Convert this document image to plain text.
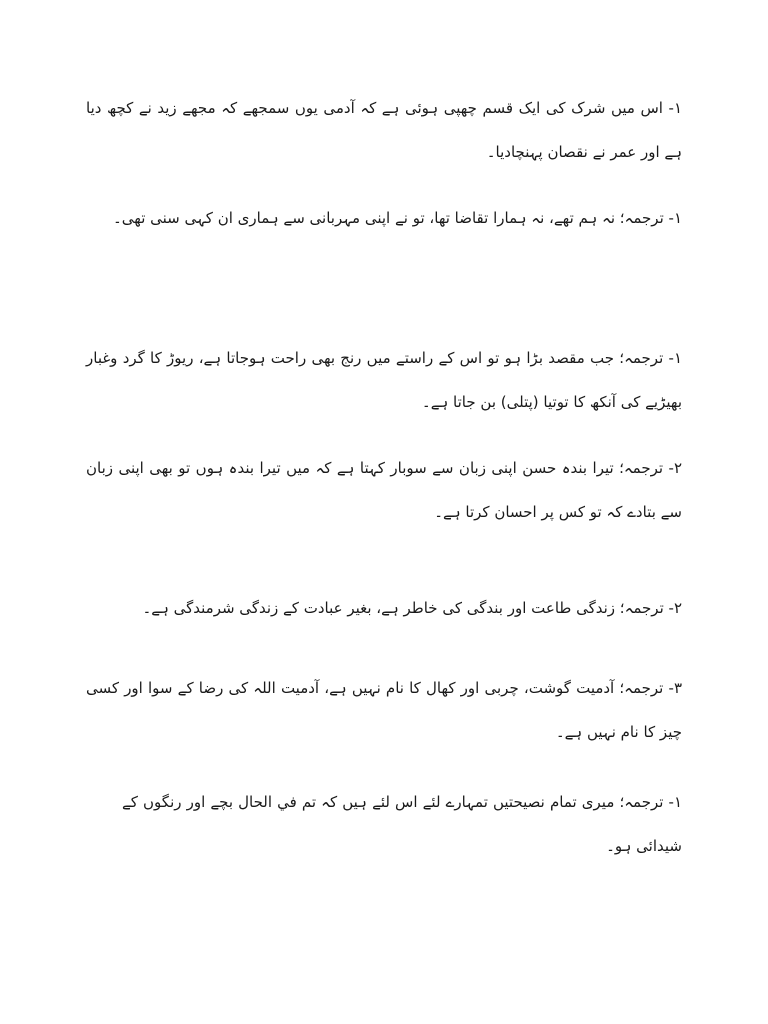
١- اس میں شرک کی ایک قسم چھپی ہوئی ہے کہ آدمی یوں سمجھے کہ مجھے زید نے کچھ دیا ہے اور عمر نے نقصان پہنچادیا۔

١- ترجمہ؛ نہ ہم تھے، نہ ہمارا تقاضا تھا، تو نے اپنی مہربانی سے ہماری ان کہی سنی تھی۔

١- ترجمہ؛ جب مقصد بڑا ہو تو اس کے راستے میں رنج بھی راحت ہوجاتا ہے، ریوڑ کا گرد وغبار بھیڑیے کی آنکھ کا توتیا (پتلی) بن جاتا ہے۔

٢- ترجمہ؛ تیرا بندہ حسن اپنی زبان سے سوبار کہتا ہے کہ میں تیرا بندہ ہوں تو بھی اپنی زبان سے بتادے کہ تو کس پر احسان کرتا ہے۔

٢- ترجمہ؛ زندگی طاعت اور بندگی کی خاطر ہے، بغیر عبادت کے زندگی شرمندگی ہے۔

٣- ترجمہ؛ آدمیت گوشت، چربی اور کھال کا نام نہیں ہے، آدمیت اللہ کی رضا کے سوا اور کسی چیز کا نام نہیں ہے۔

١- ترجمہ؛ میری تمام نصیحتیں تمہارے لئے اس لئے ہیں کہ تم في الحال بچے اور رنگوں کے شیدائی ہو۔
